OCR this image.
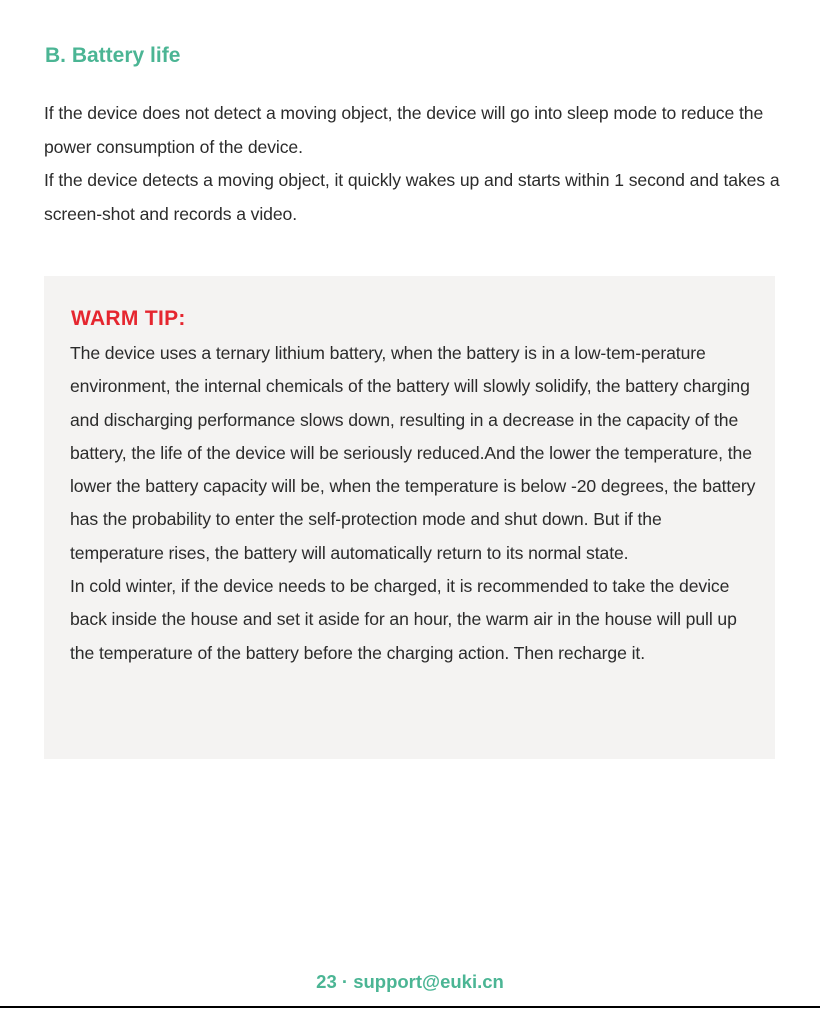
B. Battery life

If the device does not detect a moving object, the device will go into sleep mode to reduce the power consumption of the device.

If the device detects a moving object, it quickly wakes up and starts within 1 second and takes a screen-shot and records a video.

WARM TIP:

The device uses a ternary lithium battery, when the battery is in a low-tem-perature environment, the internal chemicals of the battery will slowly solidify, the battery charging and discharging performance slows down, resulting in a decrease in the capacity of the battery, the life of the device will be seriously reduced.And the lower the temperature, the lower the battery capacity will be, when the temperature is below -20 degrees, the battery has the probability to enter the self-protection mode and shut down. But if the temperature rises, the battery will automatically return to its normal state.

In cold winter, if the device needs to be charged, it is recommended to take the device back inside the house and set it aside for an hour, the warm air in the house will pull up the temperature of the battery before the charging action. Then recharge it.

23 · support@euki.cn
